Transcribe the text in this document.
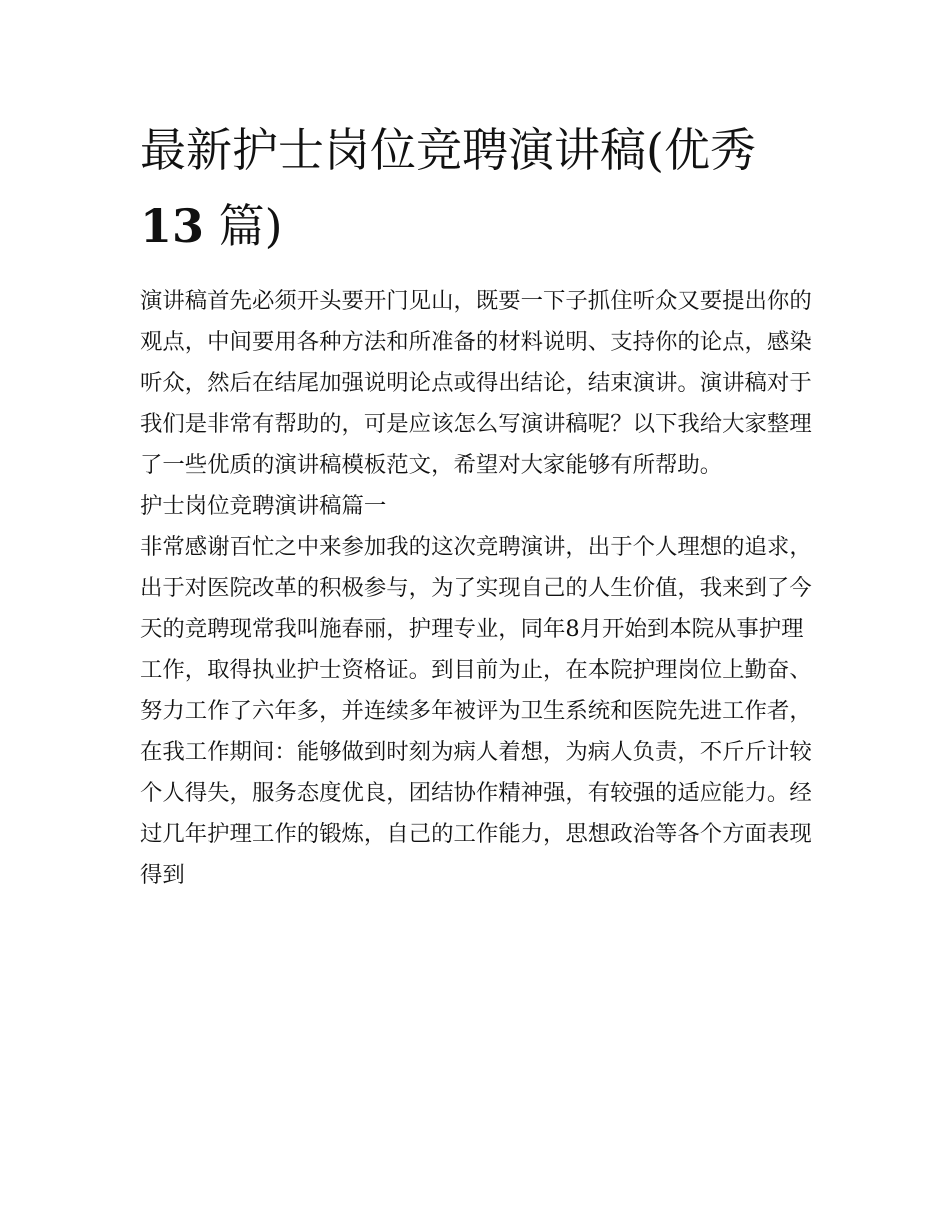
最新护士岗位竞聘演讲稿(优秀
13 篇)

演讲稿首先必须开头要开门见山，既要一下子抓住听众又要提出你的观点，中间要用各种方法和所准备的材料说明、支持你的论点，感染听众，然后在结尾加强说明论点或得出结论，结束演讲。演讲稿对于我们是非常有帮助的，可是应该怎么写演讲稿呢？以下我给大家整理了一些优质的演讲稿模板范文，希望对大家能够有所帮助。

护士岗位竞聘演讲稿篇一

非常感谢百忙之中来参加我的这次竞聘演讲，出于个人理想的追求，出于对医院改革的积极参与，为了实现自己的人生价值，我来到了今天的竞聘现常我叫施春丽，护理专业，同年8月开始到本院从事护理工作，取得执业护士资格证。到目前为止，在本院护理岗位上勤奋、努力工作了六年多，并连续多年被评为卫生系统和医院先进工作者，在我工作期间：能够做到时刻为病人着想，为病人负责，不斤斤计较个人得失，服务态度优良，团结协作精神强，有较强的适应能力。经过几年护理工作的锻炼，自己的工作能力，思想政治等各个方面表现得到
